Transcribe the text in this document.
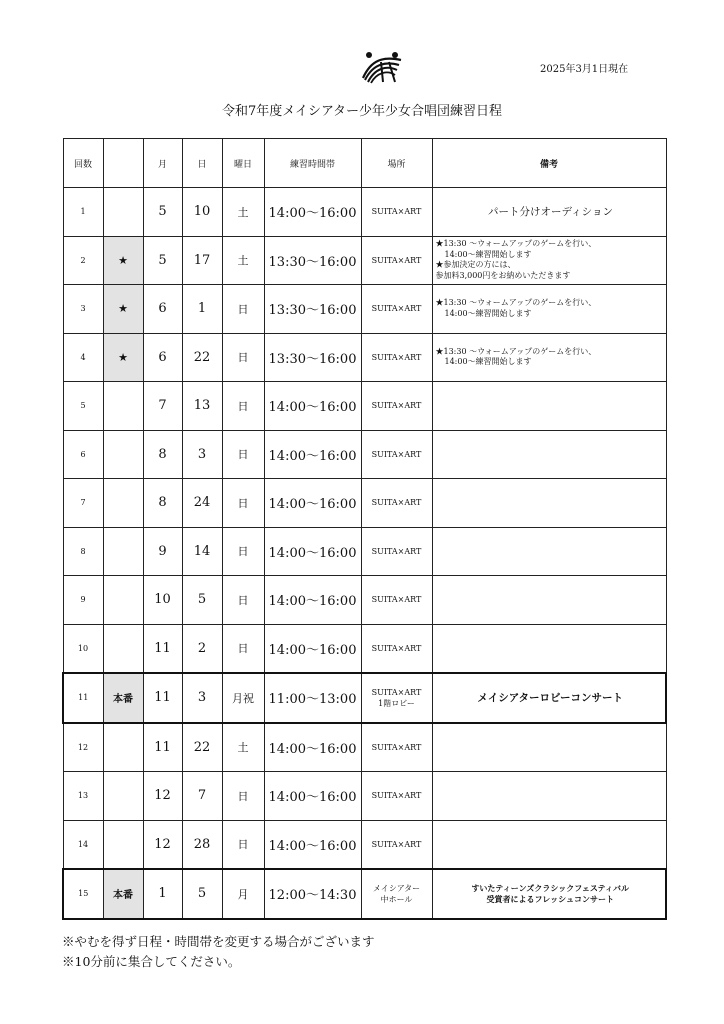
2025年3月1日現在
令和7年度メイシアター少年少女合唱団練習日程
回数		月	日	曜日	練習時間帯	場所	備考
1		5	10	土	14:00〜16:00	SUITA×ART	パート分けオーディション

2	★	5	17	土	13:30〜16:00	SUITA×ART	★13:30 〜ウォームアップのゲームを行い、
14:00〜練習開始します
★参加決定の方には、
参加料3,000円をお納めいただきます

3	★	6	1	日	13:30〜16:00	SUITA×ART	★13:30 〜ウォームアップのゲームを行い、
14:00〜練習開始します

4	★	6	22	日	13:30〜16:00	SUITA×ART	★13:30 〜ウォームアップのゲームを行い、
14:00〜練習開始します

5		7	13	日	14:00〜16:00	SUITA×ART	

6		8	3	日	14:00〜16:00	SUITA×ART	

7		8	24	日	14:00〜16:00	SUITA×ART	

8		9	14	日	14:00〜16:00	SUITA×ART	

9		10	5	日	14:00〜16:00	SUITA×ART	

10		11	2	日	14:00〜16:00	SUITA×ART	

11	本番	11	3	月祝	11:00〜13:00	SUITA×ART
1階ロビー	メイシアターロビーコンサート

12		11	22	土	14:00〜16:00	SUITA×ART	

13		12	7	日	14:00〜16:00	SUITA×ART	

14		12	28	日	14:00〜16:00	SUITA×ART	

15	本番	1	5	月	12:00〜14:30	メイシアター
中ホール	すいたティーンズクラシックフェスティバル
受賞者によるフレッシュコンサート
※やむを得ず日程・時間帯を変更する場合がございます
※10分前に集合してください。
